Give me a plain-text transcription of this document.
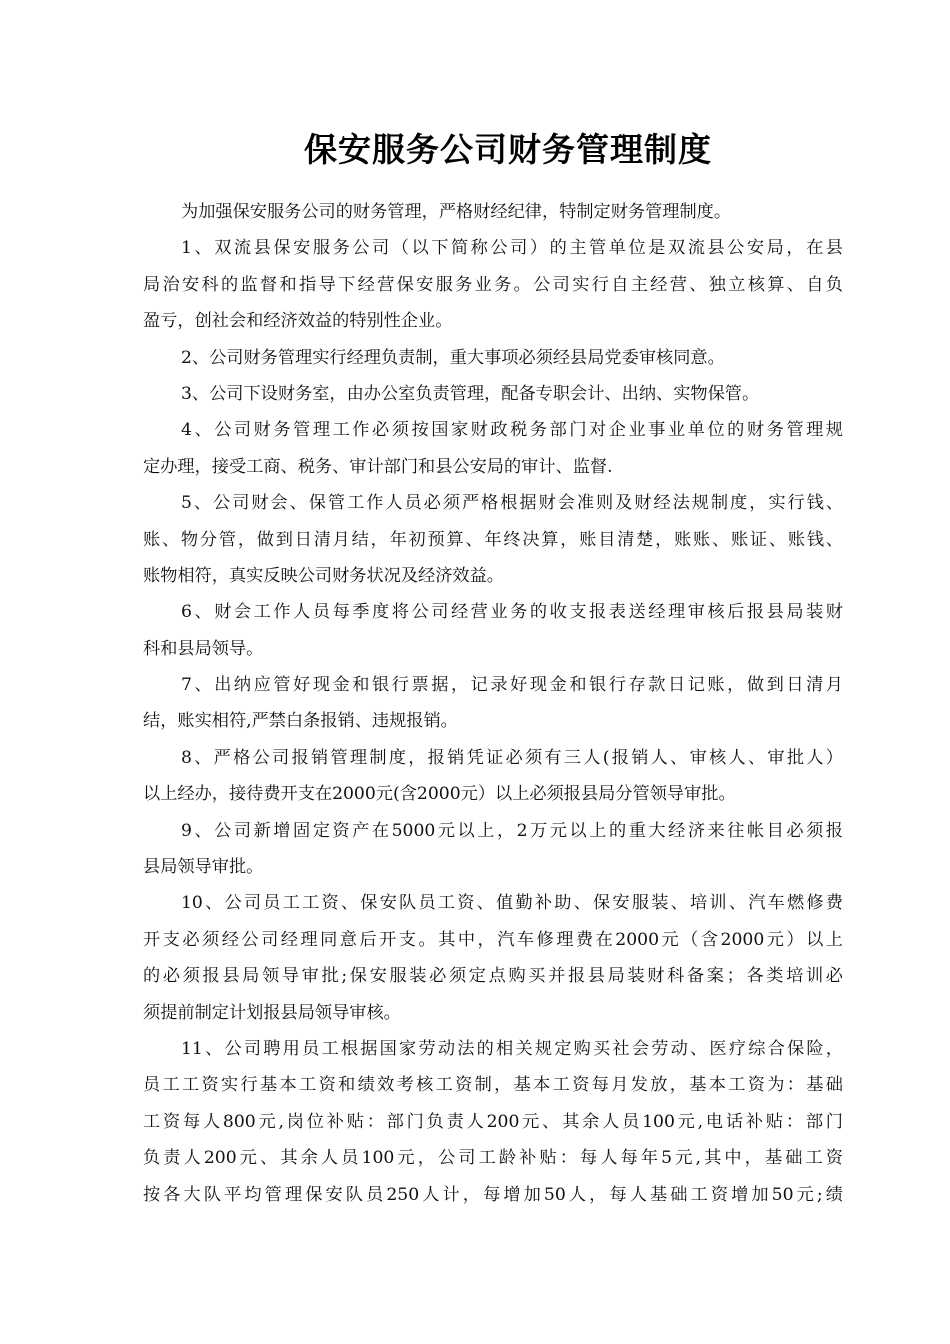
保安服务公司财务管理制度
为加强保安服务公司的财务管理，严格财经纪律，特制定财务管理制度。
1、双流县保安服务公司（以下简称公司）的主管单位是双流县公安局，在县
局治安科的监督和指导下经营保安服务业务。公司实行自主经营、独立核算、自负
盈亏，创社会和经济效益的特别性企业。
2、公司财务管理实行经理负责制，重大事项必须经县局党委审核同意。
3、公司下设财务室，由办公室负责管理，配备专职会计、出纳、实物保管。
4、公司财务管理工作必须按国家财政税务部门对企业事业单位的财务管理规
定办理，接受工商、税务、审计部门和县公安局的审计、监督.
5、公司财会、保管工作人员必须严格根据财会准则及财经法规制度，实行钱、
账、物分管，做到日清月结，年初预算、年终决算，账目清楚，账账、账证、账钱、
账物相符，真实反映公司财务状况及经济效益。
6、财会工作人员每季度将公司经营业务的收支报表送经理审核后报县局装财
科和县局领导。
7、出纳应管好现金和银行票据，记录好现金和银行存款日记账，做到日清月
结，账实相符,严禁白条报销、违规报销。
8、严格公司报销管理制度，报销凭证必须有三人(报销人、审核人、审批人）
以上经办，接待费开支在2000元(含2000元）以上必须报县局分管领导审批。
9、公司新增固定资产在5000元以上，2万元以上的重大经济来往帐目必须报
县局领导审批。
10、公司员工工资、保安队员工资、值勤补助、保安服装、培训、汽车燃修费
开支必须经公司经理同意后开支。其中，汽车修理费在2000元（含2000元）以上
的必须报县局领导审批;保安服装必须定点购买并报县局装财科备案；各类培训必
须提前制定计划报县局领导审核。
11、公司聘用员工根据国家劳动法的相关规定购买社会劳动、医疗综合保险，
员工工资实行基本工资和绩效考核工资制，基本工资每月发放，基本工资为：基础
工资每人800元,岗位补贴：部门负责人200元、其余人员100元,电话补贴：部门
负责人200元、其余人员100元，公司工龄补贴：每人每年5元,其中，基础工资
按各大队平均管理保安队员250人计，每增加50人，每人基础工资增加50元;绩
